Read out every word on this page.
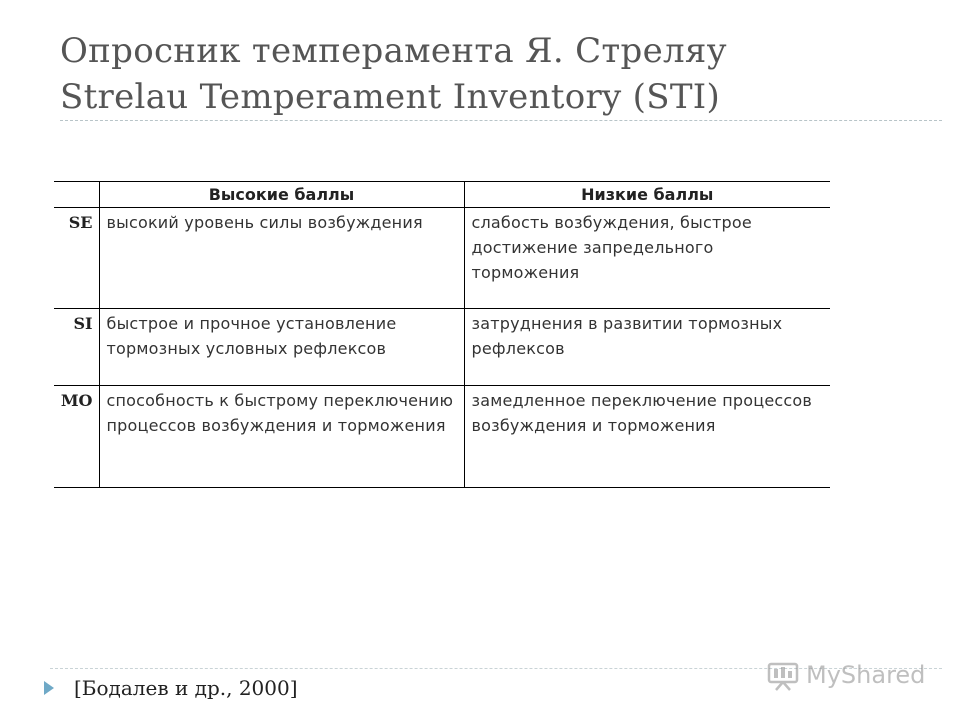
Опросник темперамента Я. Стреляу
Strelau Temperament Inventory (STI)
	Высокие баллы	Низкие баллы
SE	высокий уровень силы возбуждения	слабость возбуждения, быстрое достижение запредельного торможения
SI	быстрое и прочное установление тормозных условных рефлексов	затруднения в развитии тормозных рефлексов
MO	способность к быстрому переключению процессов возбуждения и торможения	замедленное переключение процессов возбуждения и торможения
[Бодалев и др., 2000]	MyShared
